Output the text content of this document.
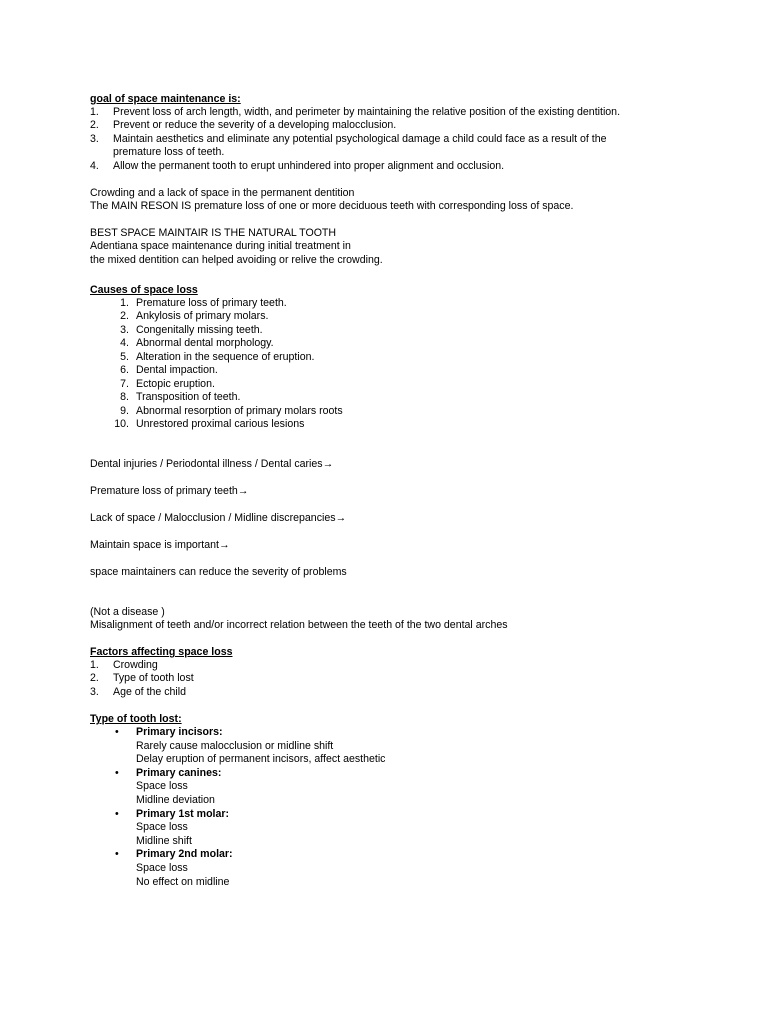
goal of space maintenance is:
1. Prevent loss of arch length, width, and perimeter by maintaining the relative position of the existing dentition.
2. Prevent or reduce the severity of a developing malocclusion.
3. Maintain aesthetics and eliminate any potential psychological damage a child could face as a result of the
premature loss of teeth.
4. Allow the permanent tooth to erupt unhindered into proper alignment and occlusion.
Crowding and a lack of space in the permanent dentition
The MAIN RESON IS premature loss of one or more deciduous teeth with corresponding loss of space.
BEST SPACE MAINTAIR IS THE NATURAL TOOTH
Adentiana space maintenance during initial treatment in
the mixed dentition can helped avoiding or relive the crowding.
Causes of space loss
1. Premature loss of primary teeth.
2. Ankylosis of primary molars.
3. Congenitally missing teeth.
4. Abnormal dental morphology.
5. Alteration in the sequence of eruption.
6. Dental impaction.
7. Ectopic eruption.
8. Transposition of teeth.
9. Abnormal resorption of primary molars roots
10. Unrestored proximal carious lesions
Dental injuries / Periodontal illness / Dental caries→
Premature loss of primary teeth→
Lack of space / Malocclusion / Midline discrepancies→
Maintain space is important→
space maintainers can reduce the severity of problems
(Not a disease )
Misalignment of teeth and/or incorrect relation between the teeth of the two dental arches
Factors affecting space loss
1. Crowding
2. Type of tooth lost
3. Age of the child
Type of tooth lost:
• Primary incisors:
Rarely cause malocclusion or midline shift
Delay eruption of permanent incisors, affect aesthetic
• Primary canines:
Space loss
Midline deviation
• Primary 1st molar:
Space loss
Midline shift
• Primary 2nd molar:
Space loss
No effect on midline
